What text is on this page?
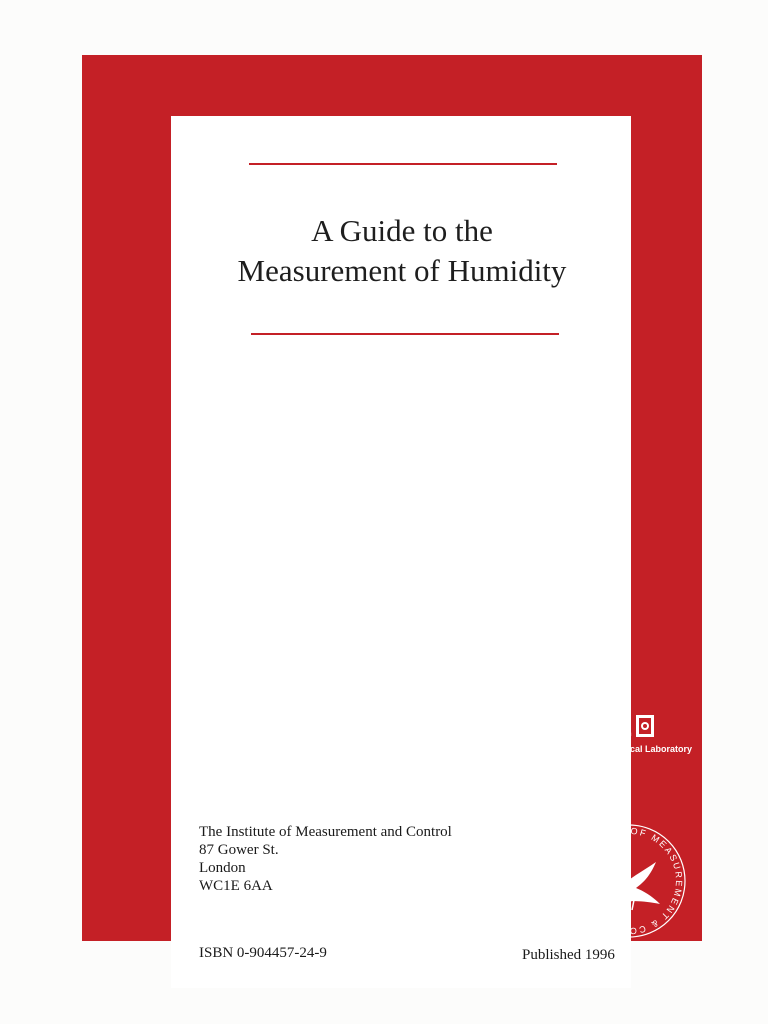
A Guide to the
Measurement of Humidity
The Institute of Measurement and Control
87 Gower St.
London
WC1E 6AA
ISBN 0-904457-24-9	Published 1996
NPL
National Physical Laboratory
INSTITUTE OF MEASUREMENT & CONTROL
